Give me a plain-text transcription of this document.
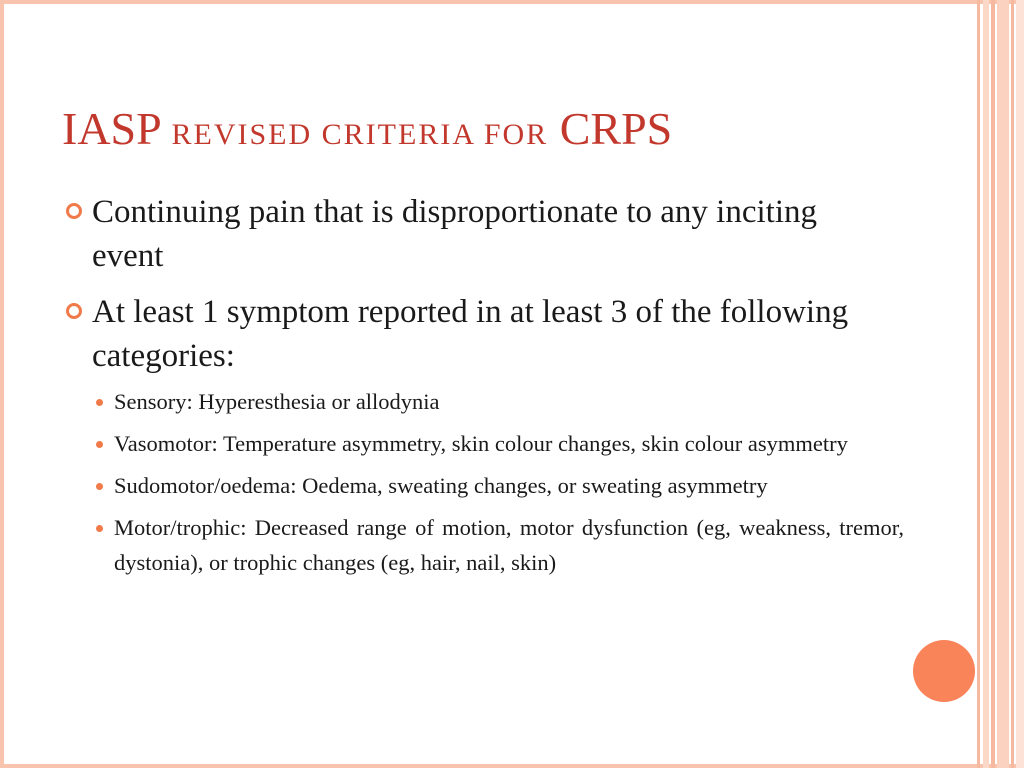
IASP REVISED CRITERIA FOR CRPS
Continuing pain that is disproportionate to any inciting event
At least 1 symptom reported in at least 3 of the following categories:
Sensory: Hyperesthesia or allodynia
Vasomotor: Temperature asymmetry, skin colour changes, skin colour asymmetry
Sudomotor/oedema: Oedema, sweating changes, or sweating asymmetry
Motor/trophic: Decreased range of motion, motor dysfunction (eg, weakness, tremor, dystonia), or trophic changes (eg, hair, nail, skin)
